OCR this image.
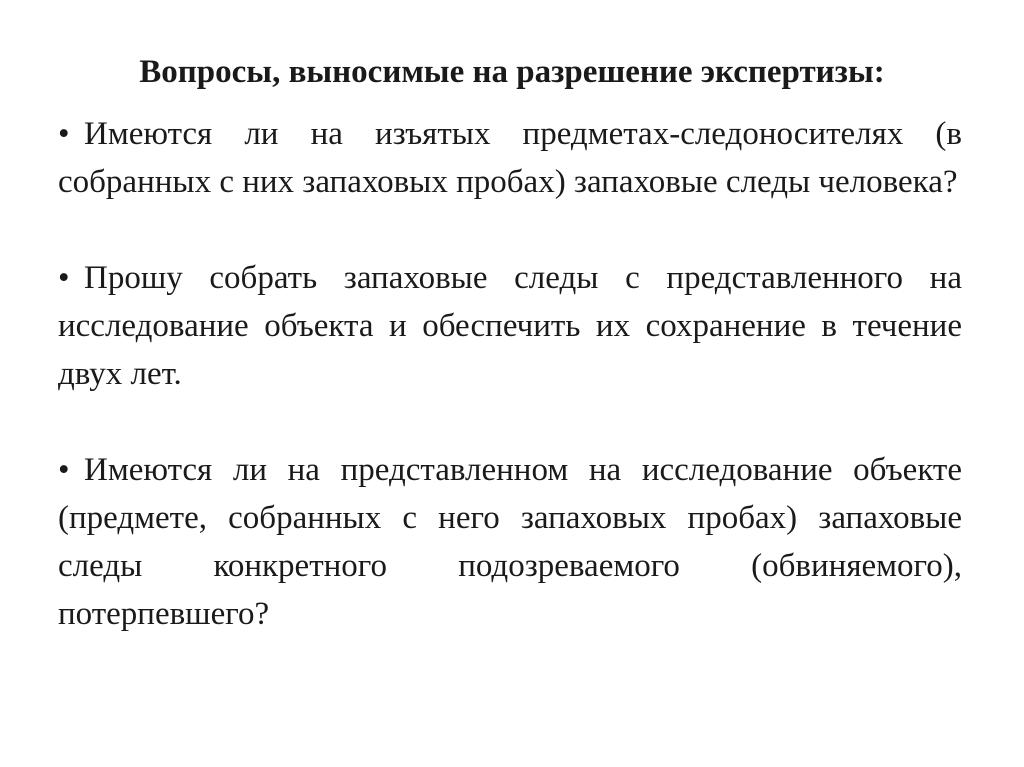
Вопросы, выносимые на разрешение экспертизы:
• Имеются ли на изъятых предметах-следоносителях (в собранных с них запаховых пробах) запаховые следы человека?
• Прошу собрать запаховые следы с представленного на исследование объекта и обеспечить их сохранение в течение двух лет.
• Имеются ли на представленном на исследование объекте (предмете, собранных с него запаховых пробах) запаховые следы конкретного подозреваемого (обвиняемого), потерпевшего?
